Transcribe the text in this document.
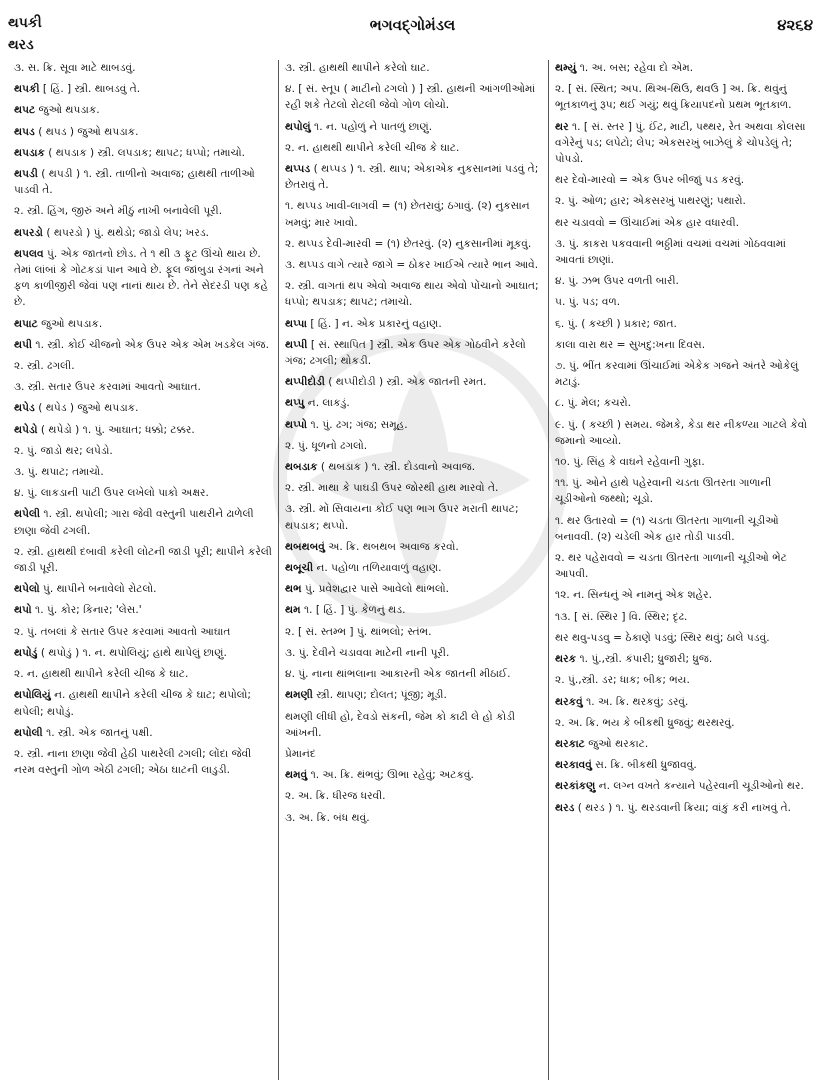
થપકી
થરડ
ભગવદ્ગોમંડલ	૪૨૬૪
૩. સ. ક્રિ. સૂવા માટે થાબડવું.
થપકી [ હિં. ] સ્ત્રી. થાબડવું તે.
થપટ જુઓ થપડાક.
થપડ ( થપડ ) જુઓ થપડાક.
થપડાક ( થપડાક ) સ્ત્રી. લપડાક; થાપટ; ધપ્પો; તમાચો.
થપડી ( થપડી ) ૧. સ્ત્રી. તાળીનો અવાજ; હાથથી તાળીઓ પાડવી તે.
૨. સ્ત્રી. હિંગ, જીરું અને મીઠું નાખી બનાવેલી પૂરી.
થપરડો ( થપરડો ) પું. થથેડો; જાડો લેપ; ખરડ.
થપલવ પું. એક જાતનો છોડ. તે ૧ થી ૩ ફૂટ ઊંચો થાય છે. તેમાં લાંબાં કે ગોટકડાં પાન આવે છે. ફૂલ જાંબુડા રંગનાં અને ફળ કાળીજીરી જેવાં પણ નાનાં થાય છે. તેને સેદરડી પણ કહે છે.
થપાટ જુઓ થપડાક.
થપી ૧. સ્ત્રી. કોઈ ચીજનો એક ઉપર એક એમ ખડકેલ ગંજ.
૨. સ્ત્રી. ઢગલી.
૩. સ્ત્રી. સતાર ઉપર કરવામાં આવતો આઘાત.
થપેડ ( થપેડ ) જુઓ થપડાક.
થપેડો ( થપેડો ) ૧. પું. આઘાત; ધક્કો; ટક્કર.
૨. પું. જાડો થર; લપેડો.
૩. પું. થપાટ; તમાચો.
૪. પું. લાકડાની પાટી ઉપર લખેલો પાકો અક્ષર.
થપેલી ૧. સ્ત્રી. થપોલી; ગારા જેવી વસ્તુની પાથરીને ઢાળેલી છાણા જેવી ઢગલી.
૨. સ્ત્રી. હાથથી દબાવી કરેલી લોટની જાડી પૂરી; થાપીને કરેલી જાડી પૂરી.
થપેલો પું. થાપીને બનાવેલો રોટલો.
થપો ૧. પું. કોર; કિનાર; 'લેસ.'
૨. પું. તબલાં કે સતાર ઉપર કરવામાં આવતો આઘાત
થપોડું ( થપોડું ) ૧. ન. થપોલિયું; હાથે થાપેલું છાણું.
૨. ન. હાથથી થાપીને કરેલી ચીજ કે ઘાટ.
થપોલિયું ન. હાથથી થાપીને કરેલી ચીજ કે ઘાટ; થપોલો; થપેલી; થપોડું.
થપોલી ૧. સ્ત્રી. એક જાતનું પક્ષી.
૨. સ્ત્રી. નાના છાણા જેવી હેઠી પાથરેલી ઢગલી; લોંદા જેવી નરમ વસ્તુની ગોળ એઠી ઢગલી; એઠા ઘાટની લાડુડી.
૩. સ્ત્રી. હાથથી થાપીને કરેલો ઘાટ.
૪. [ સં. સ્તૂપ ( માટીનો ઢગલો ) ] સ્ત્રી. હાથની આંગળીઓમાં રહી શકે તેટલો રોટલી જેવો ગોળ લોચો.
થપોલું ૧. ન. પહોળું ને પાતળું છાણું.
૨. ન. હાથથી થાપીને કરેલી ચીજ કે ઘાટ.
થપ્પડ ( થપ્પડ ) ૧. સ્ત્રી. થાપ; એકાએક નુકસાનમાં પડવું તે; છેતરાવું તે.
૧. થપ્પડ ખાવી-લાગવી = (૧) છેતરાવું; ઠગાવું. (૨) નુકસાન ખમવું; માર ખાવો.
૨. થપ્પડ દેવી-મારવી = (૧) છેતરવું. (૨) નુકસાનીમાં મૂકવું.
૩. થપ્પડ વાગે ત્યારે જાગે = ઠોકર ખાઈએ ત્યારે ભાન આવે.
૨. સ્ત્રી. વાગતાં થપ એવો અવાજ થાય એવો પોંચાનો આઘાત; ધપ્પો; થપડાક; થાપટ; તમાચો.
થપ્પા [ હિં. ] ન. એક પ્રકારનું વહાણ.
થપ્પી [ સં. સ્થાપિત ] સ્ત્રી. એક ઉપર એક ગોઠવીને કરેલો ગંજ; ઢગલી; થોકડી.
થપ્પીદોડી ( થપ્પીદોડી ) સ્ત્રી. એક જાતની રમત.
થપ્પુ ન. લાકડું.
થપ્પો ૧. પું. ઢગ; ગંજ; સમૂહ.
૨. પું. ધૂળનો ઢગલો.
થબડાક ( થબડાક ) ૧. સ્ત્રી. દોડવાનો અવાજ.
૨. સ્ત્રી. માથા કે પાઘડી ઉપર જોરથી હાથ મારવો તે.
૩. સ્ત્રી. મોં સિવાયના કોઈ પણ ભાગ ઉપર મરાતી થાપટ; થપડાક; થપ્પો.
થબથબવું અ. ક્રિ. થબથબ અવાજ કરવો.
થબૂચી ન. પહોળા તળિયાવાળું વહાણ.
થભ પું. પ્રવેશદ્વાર પાસે આવેલો થાંભલો.
થમ ૧. [ હિં. ] પું. કેળનું થડ.
૨. [ સં. સ્તમ્ભ ] પું. થાંભલો; સ્તંભ.
૩. પું. દેવીને ચડાવવા માટેની નાની પૂરી.
૪. પું. નાના થાંભલાના આકારની એક જાતની મીઠાઈ.
થમણી સ્ત્રી. થાપણ; દોલત; પૂંજી; મૂડી.
થમણી લીધી હો, દેવડો સંકની, જેમ કો કાઢી લે હો કોડી આંખની.
પ્રેમાનંદ
થમવું ૧. અ. ક્રિ. થંભવું; ઊભા રહેવું; અટકવું.
૨. અ. ક્રિ. ધીરજ ધરવી.
૩. અ. ક્રિ. બંધ થવું.
થમ્યું ૧. અ. બસ; રહેવા દો એમ.
૨. [ સં. સ્થિત; અપ. થિઅ-થિઉ, થવઉ ] અ. ક્રિ. થવુંનું ભૂતકાળનું રૂપ; થઈ ગયું; થવું ક્રિયાપદનો પ્રથમ ભૂતકાળ.
થર ૧. [ સં. સ્તર ] પું. ઈંટ, માટી, પથ્થર, રેત અથવા કોલસા વગેરેનું પડ; લપેટો; લેપ; એકસરખું બાઝેલું કે ચોપડેલું તે; પોપડો.
થર દેવો-મારવો = એક ઉપર બીજાું પડ કરવું.
૨. પું. ઓળ; હાર; એકસરખું પાથરણું; પથારો.
થર ચડાવવો = ઊંચાઈમાં એક હાર વધારવી.
૩. પું. કાકરા પકવવાની ભઠ્ઠીમાં વચમાં વચમાં ગોઠવવામાં આવતાં છાણાં.
૪. પું. ઝભ ઉપર વળતી બારી.
૫. પું. પડ; વળ.
૬. પું. ( કચ્છી ) પ્રકાર; જાત.
કાલા વારા થર = સુખદુ:ખના દિવસ.
૭. પું. ભીંત કરવામાં ઊંચાઈમાં એકેક ગજને અંતરે ઓકેલું મટાડું.
૮. પું. મેલ; કચરો.
૯. પું. ( કચ્છી ) સમય. જેમકે, કેડા થર નીકળ્યા ગાટલે કેવો જમાનો આવ્યો.
૧૦. પું. સિંહ કે વાઘને રહેવાની ગુફા.
૧૧. પું. ઓને હાથે પહેરવાની ચડતા ઊતરતા ગાળાની ચૂડીઓનો જથ્થો; ચૂડો.
૧. થર ઉતારવો = (૧) ચડતા ઊતરતા ગાળાની ચૂડીઓ બનાવવી. (૨) ચડેલી એક હાર તોડી પાડવી.
૨. થર પહેરાવવો = ચડતા ઊતરતા ગાળાની ચૂડીઓ ભેટ આપવી.
૧૨. ન. સિન્ધનું એ નામનું એક શહેર.
૧૩. [ સં. સ્થિર ] વિ. સ્થિર; દૃઢ.
થર થવુ-પડવુ = ઠેકાણે પડવું; સ્થિર થવું; ઠાલે પડવું.
થરક ૧. પું.,સ્ત્રી. કંપારી; ધ્રુજારી; ધ્રુજ.
૨. પું.,સ્ત્રી. ડર; ધાક; બીક; ભય.
થરકવું ૧. અ. ક્રિ. થરકવું; ડરવું.
૨. અ. ક્રિ. ભય કે બીકથી ધ્રુજવું; થરથરવું.
થરકાટ જુઓ થરકાટ.
થરકાવવું સ. ક્રિ. બીકથી ધ્રુજાવવું.
થરકાંકણુ ન. લગ્ન વખતે કન્યાને પહેરવાની ચૂડીઓનો થર.
થરડ ( થરડ ) ૧. પું. થરડવાની ક્રિયા; વાંકું કરી નાખવું તે.
